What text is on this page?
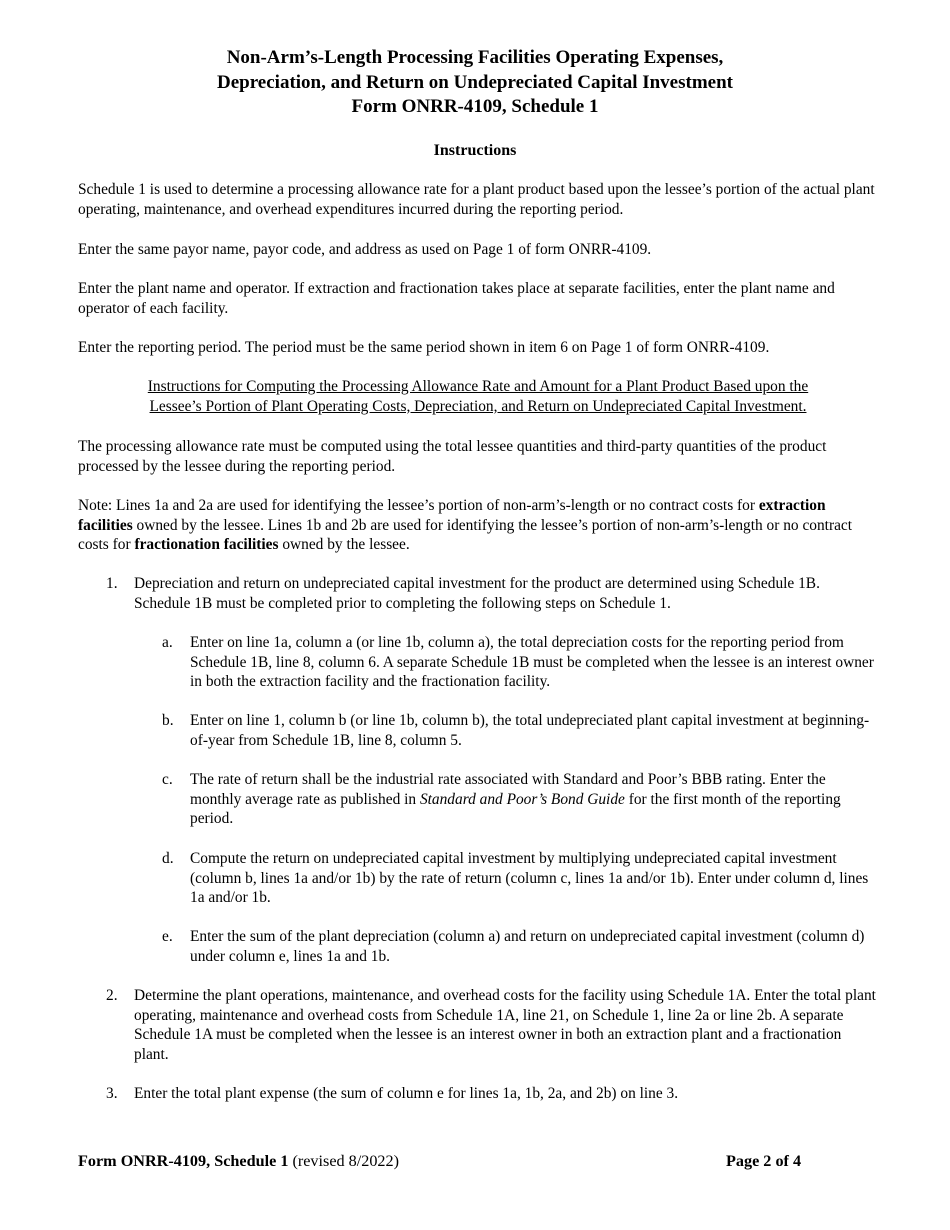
Non-Arm’s-Length Processing Facilities Operating Expenses,
Depreciation, and Return on Undepreciated Capital Investment
Form ONRR-4109, Schedule 1
Instructions

Schedule 1 is used to determine a processing allowance rate for a plant product based upon the lessee’s portion of the actual plant operating, maintenance, and overhead expenditures incurred during the reporting period.

Enter the same payor name, payor code, and address as used on Page 1 of form ONRR-4109.

Enter the plant name and operator. If extraction and fractionation takes place at separate facilities, enter the plant name and operator of each facility.

Enter the reporting period. The period must be the same period shown in item 6 on Page 1 of form ONRR-4109.

Instructions for Computing the Processing Allowance Rate and Amount for a Plant Product Based upon the
Lessee’s Portion of Plant Operating Costs, Depreciation, and Return on Undepreciated Capital Investment.

The processing allowance rate must be computed using the total lessee quantities and third-party quantities of the product processed by the lessee during the reporting period.

Note: Lines 1a and 2a are used for identifying the lessee’s portion of non-arm’s-length or no contract costs for extraction facilities owned by the lessee. Lines 1b and 2b are used for identifying the lessee’s portion of non-arm’s-length or no contract costs for fractionation facilities owned by the lessee.

1. Depreciation and return on undepreciated capital investment for the product are determined using Schedule 1B. Schedule 1B must be completed prior to completing the following steps on Schedule 1.

a. Enter on line 1a, column a (or line 1b, column a), the total depreciation costs for the reporting period from Schedule 1B, line 8, column 6. A separate Schedule 1B must be completed when the lessee is an interest owner in both the extraction facility and the fractionation facility.

b. Enter on line 1, column b (or line 1b, column b), the total undepreciated plant capital investment at beginning-of-year from Schedule 1B, line 8, column 5.

c. The rate of return shall be the industrial rate associated with Standard and Poor’s BBB rating. Enter the monthly average rate as published in Standard and Poor’s Bond Guide for the first month of the reporting period.

d. Compute the return on undepreciated capital investment by multiplying undepreciated capital investment (column b, lines 1a and/or 1b) by the rate of return (column c, lines 1a and/or 1b). Enter under column d, lines 1a and/or 1b.

e. Enter the sum of the plant depreciation (column a) and return on undepreciated capital investment (column d) under column e, lines 1a and 1b.

2. Determine the plant operations, maintenance, and overhead costs for the facility using Schedule 1A. Enter the total plant operating, maintenance and overhead costs from Schedule 1A, line 21, on Schedule 1, line 2a or line 2b. A separate Schedule 1A must be completed when the lessee is an interest owner in both an extraction plant and a fractionation plant.

3. Enter the total plant expense (the sum of column e for lines 1a, 1b, 2a, and 2b) on line 3.

Form ONRR-4109, Schedule 1 (revised 8/2022)	Page 2 of 4
